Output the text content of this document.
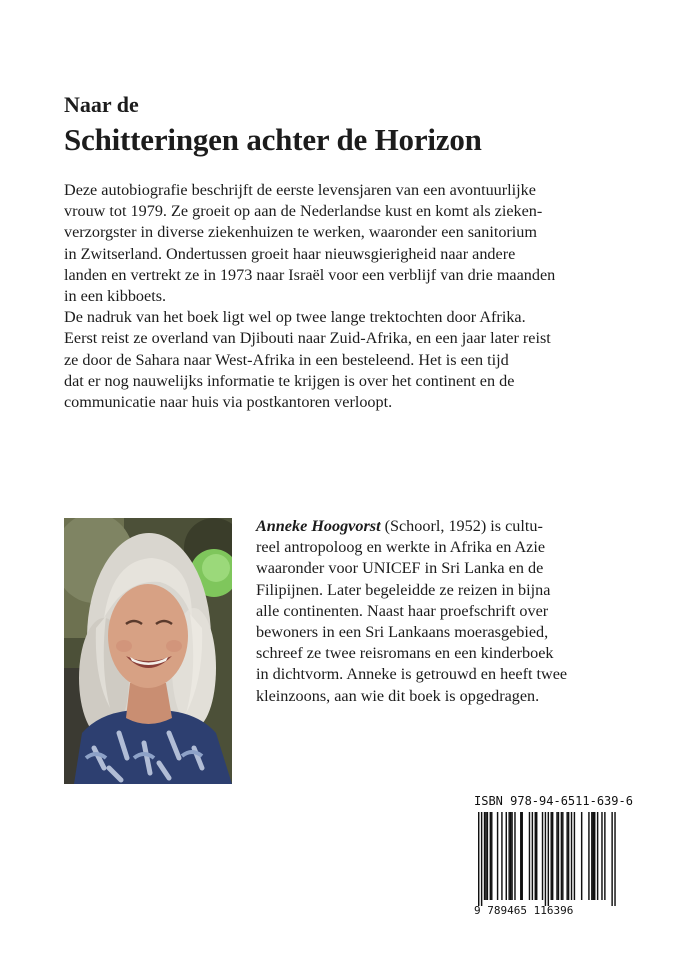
Naar de
Schitteringen achter de Horizon
Deze autobiografie beschrijft de eerste levensjaren van een avontuurlijke
vrouw tot 1979. Ze groeit op aan de Nederlandse kust en komt als zieken-
verzorgster in diverse ziekenhuizen te werken, waaronder een sanitorium
in Zwitserland. Ondertussen groeit haar nieuwsgierigheid naar andere
landen en vertrekt ze in 1973 naar Israël voor een verblijf van drie maanden
in een kibboets.
De nadruk van het boek ligt wel op twee lange trektochten door Afrika.
Eerst reist ze overland van Djibouti naar Zuid-Afrika, en een jaar later reist
ze door de Sahara naar West-Afrika in een besteleend. Het is een tijd
dat er nog nauwelijks informatie te krijgen is over het continent en de
communicatie naar huis via postkantoren verloopt.
Anneke Hoogvorst (Schoorl, 1952) is cultu-
reel antropoloog en werkte in Afrika en Azie
waaronder voor UNICEF in Sri Lanka en de
Filipijnen. Later begeleidde ze reizen in bijna
alle continenten. Naast haar proefschrift over
bewoners in een Sri Lankaans moerasgebied,
schreef ze twee reisromans en een kinderboek
in dichtvorm. Anneke is getrouwd en heeft twee
kleinzoons, aan wie dit boek is opgedragen.
ISBN 978-94-6511-639-6
9 789465 116396
